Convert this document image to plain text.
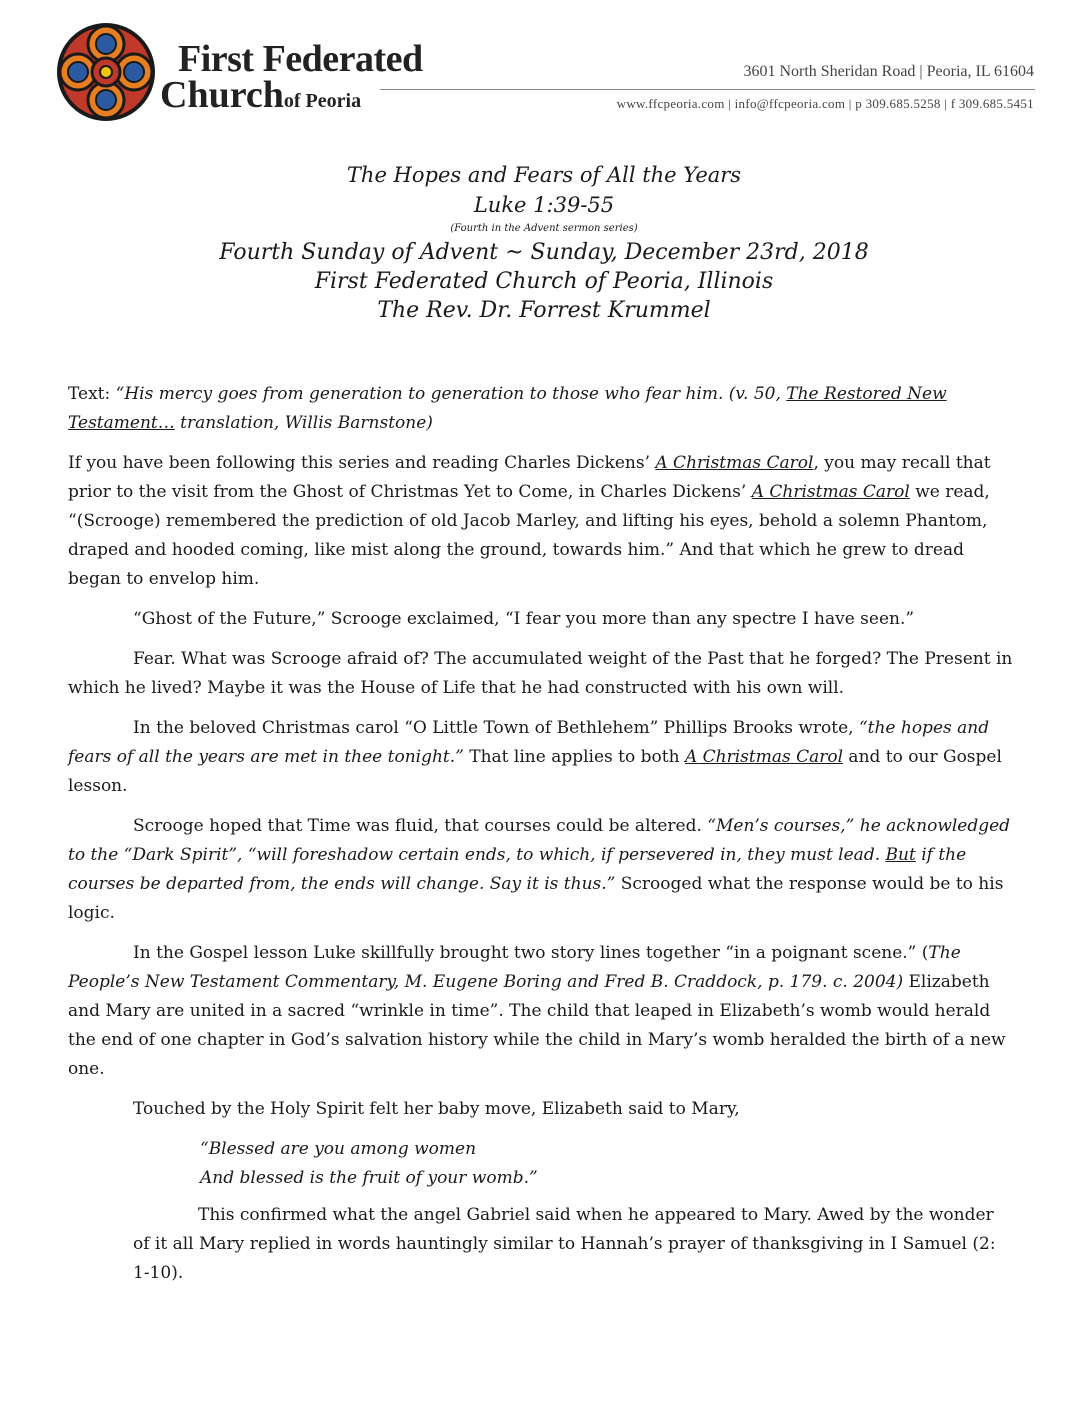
First Federated
Churchof Peoria
3601 North Sheridan Road | Peoria, IL 61604
www.ffcpeoria.com | info@ffcpeoria.com | p 309.685.5258 | f 309.685.5451
The Hopes and Fears of All the Years
Luke 1:39-55
(Fourth in the Advent sermon series)
Fourth Sunday of Advent ~ Sunday, December 23rd, 2018
First Federated Church of Peoria, Illinois
The Rev. Dr. Forrest Krummel

Text: “His mercy goes from generation to generation to those who fear him. (v. 50, The Restored New Testament… translation, Willis Barnstone)

If you have been following this series and reading Charles Dickens’ A Christmas Carol, you may recall that prior to the visit from the Ghost of Christmas Yet to Come, in Charles Dickens’ A Christmas Carol we read, “(Scrooge) remembered the prediction of old Jacob Marley, and lifting his eyes, behold a solemn Phantom, draped and hooded coming, like mist along the ground, towards him.” And that which he grew to dread began to envelop him.

“Ghost of the Future,” Scrooge exclaimed, “I fear you more than any spectre I have seen.”

Fear. What was Scrooge afraid of? The accumulated weight of the Past that he forged? The Present in which he lived? Maybe it was the House of Life that he had constructed with his own will.

In the beloved Christmas carol “O Little Town of Bethlehem” Phillips Brooks wrote, “the hopes and fears of all the years are met in thee tonight.” That line applies to both A Christmas Carol and to our Gospel lesson.

Scrooge hoped that Time was fluid, that courses could be altered. “Men’s courses,” he acknowledged to the “Dark Spirit”, “will foreshadow certain ends, to which, if persevered in, they must lead. But if the courses be departed from, the ends will change. Say it is thus.” Scrooged what the response would be to his logic.

In the Gospel lesson Luke skillfully brought two story lines together “in a poignant scene.” (The People’s New Testament Commentary, M. Eugene Boring and Fred B. Craddock, p. 179. c. 2004) Elizabeth and Mary are united in a sacred “wrinkle in time”. The child that leaped in Elizabeth’s womb would herald the end of one chapter in God’s salvation history while the child in Mary’s womb heralded the birth of a new one.

Touched by the Holy Spirit felt her baby move, Elizabeth said to Mary,

“Blessed are you among women
And blessed is the fruit of your womb.”

This confirmed what the angel Gabriel said when he appeared to Mary. Awed by the wonder of it all Mary replied in words hauntingly similar to Hannah’s prayer of thanksgiving in I Samuel (2: 1-10).
